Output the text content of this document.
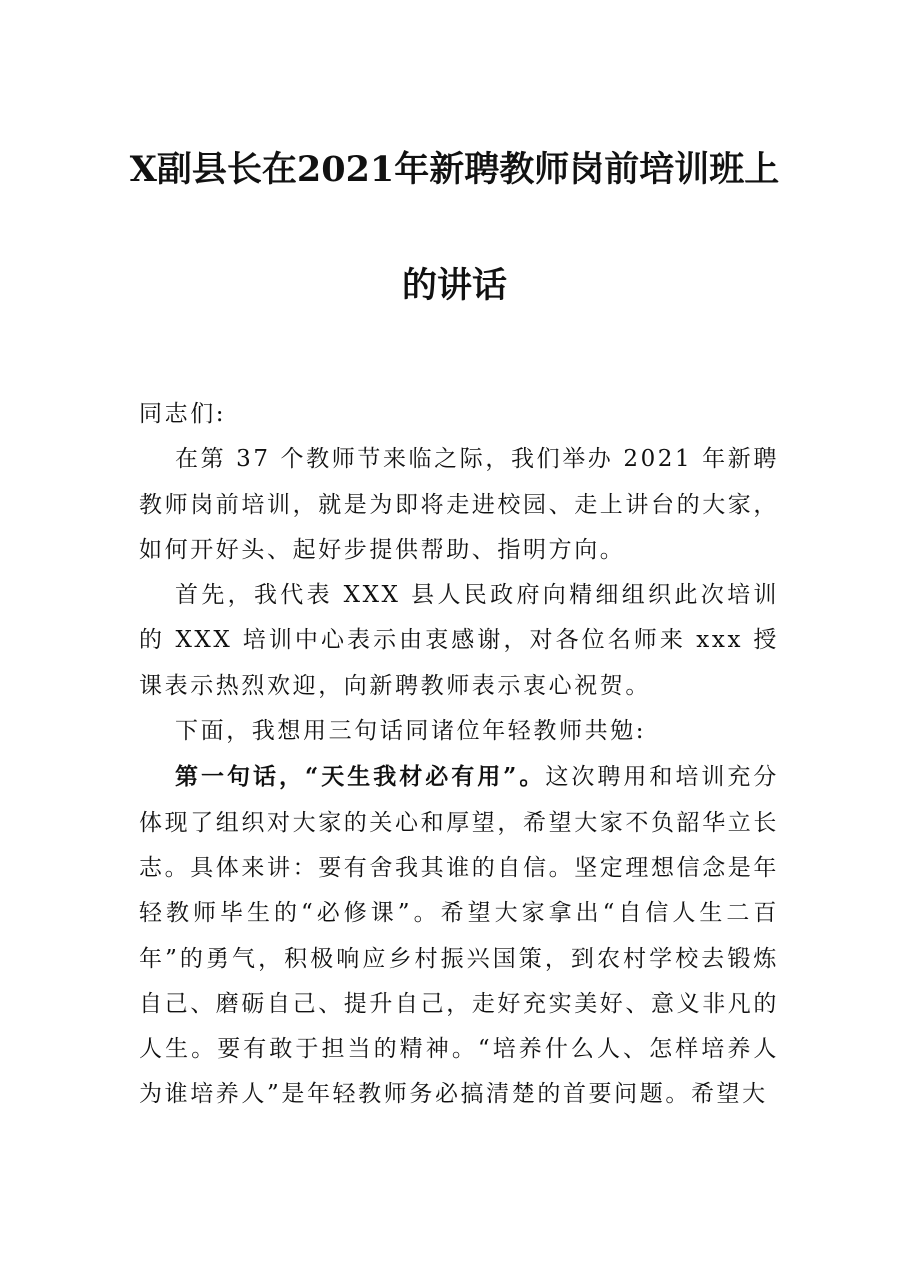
X副县长在2021年新聘教师岗前培训班上
的讲话

同志们:

在第 37 个教师节来临之际，我们举办 2021 年新聘教师岗前培训，就是为即将走进校园、走上讲台的大家，如何开好头、起好步提供帮助、指明方向。

首先，我代表 XXX 县人民政府向精细组织此次培训的 XXX 培训中心表示由衷感谢，对各位名师来 xxx 授课表示热烈欢迎，向新聘教师表示衷心祝贺。

下面，我想用三句话同诸位年轻教师共勉:

第一句话，“天生我材必有用”。这次聘用和培训充分体现了组织对大家的关心和厚望，希望大家不负韶华立长志。具体来讲：要有舍我其谁的自信。坚定理想信念是年轻教师毕生的“必修课”。希望大家拿出“自信人生二百年”的勇气，积极响应乡村振兴国策，到农村学校去锻炼自己、磨砺自己、提升自己，走好充实美好、意义非凡的人生。要有敢于担当的精神。“培养什么人、怎样培养人为谁培养人”是年轻教师务必搞清楚的首要问题。希望大
